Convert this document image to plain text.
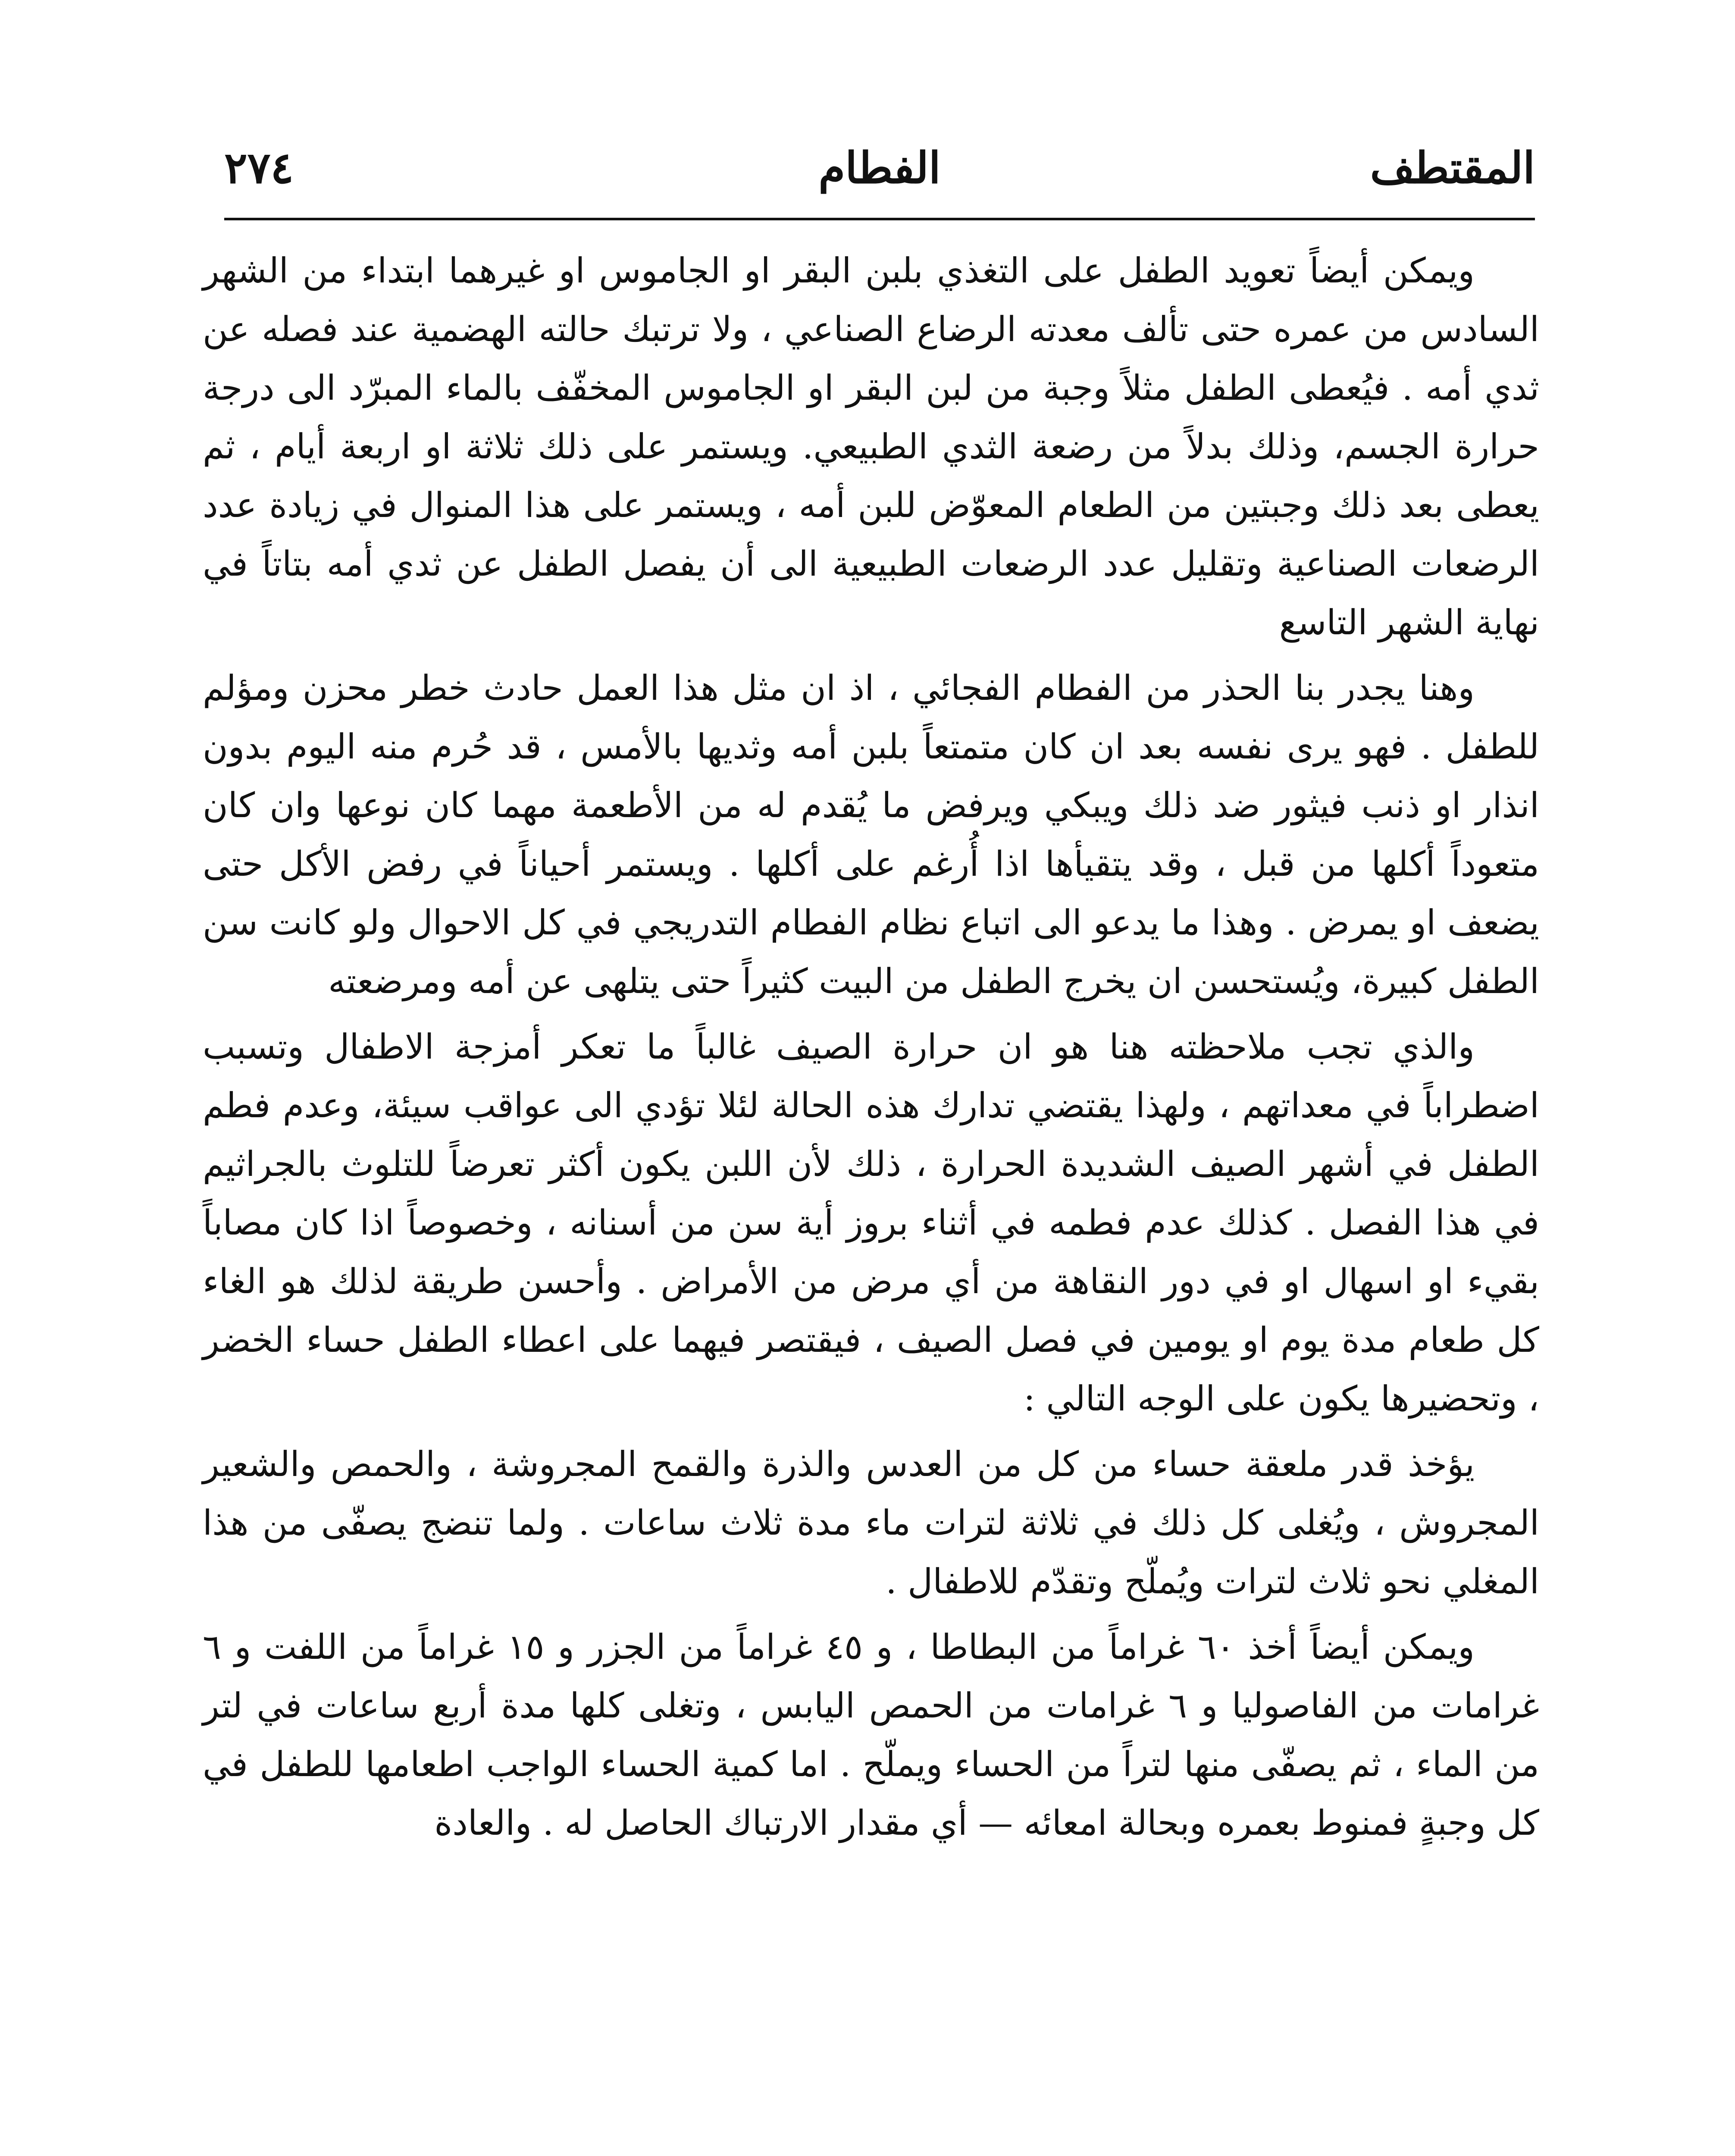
المقتطف
الفطام
٢٧٤

ويمكن أيضاً تعويد الطفل على التغذي بلبن البقر او الجاموس او غيرهما ابتداء من الشهر السادس من عمره حتى تألف معدته الرضاع الصناعي ، ولا ترتبك حالته الهضمية عند فصله عن ثدي أمه . فيُعطى الطفل مثلاً وجبة من لبن البقر او الجاموس المخفّف بالماء المبرّد الى درجة حرارة الجسم، وذلك بدلاً من رضعة الثدي الطبيعي. ويستمر على ذلك ثلاثة او اربعة أيام ، ثم يعطى بعد ذلك وجبتين من الطعام المعوّض للبن أمه ، ويستمر على هذا المنوال في زيادة عدد الرضعات الصناعية وتقليل عدد الرضعات الطبيعية الى أن يفصل الطفل عن ثدي أمه بتاتاً في نهاية الشهر التاسع

وهنا يجدر بنا الحذر من الفطام الفجائي ، اذ ان مثل هذا العمل حادث خطر محزن ومؤلم للطفل . فهو يرى نفسه بعد ان كان متمتعاً بلبن أمه وثديها بالأمس ، قد حُرم منه اليوم بدون انذار او ذنب فيثور ضد ذلك ويبكي ويرفض ما يُقدم له من الأطعمة مهما كان نوعها وان كان متعوداً أكلها من قبل ، وقد يتقيأها اذا أُرغم على أكلها . ويستمر أحياناً في رفض الأكل حتى يضعف او يمرض . وهذا ما يدعو الى اتباع نظام الفطام التدريجي في كل الاحوال ولو كانت سن الطفل كبيرة، ويُستحسن ان يخرج الطفل من البيت كثيراً حتى يتلهى عن أمه ومرضعته

والذي تجب ملاحظته هنا هو ان حرارة الصيف غالباً ما تعكر أمزجة الاطفال وتسبب اضطراباً في معداتهم ، ولهذا يقتضي تدارك هذه الحالة لئلا تؤدي الى عواقب سيئة، وعدم فطم الطفل في أشهر الصيف الشديدة الحرارة ، ذلك لأن اللبن يكون أكثر تعرضاً للتلوث بالجراثيم في هذا الفصل . كذلك عدم فطمه في أثناء بروز أية سن من أسنانه ، وخصوصاً اذا كان مصاباً بقيء او اسهال او في دور النقاهة من أي مرض من الأمراض . وأحسن طريقة لذلك هو الغاء كل طعام مدة يوم او يومين في فصل الصيف ، فيقتصر فيهما على اعطاء الطفل حساء الخضر ، وتحضيرها يكون على الوجه التالي :

يؤخذ قدر ملعقة حساء من كل من العدس والذرة والقمح المجروشة ، والحمص والشعير المجروش ، ويُغلى كل ذلك في ثلاثة لترات ماء مدة ثلاث ساعات . ولما تنضج يصفّى من هذا المغلي نحو ثلاث لترات ويُملّح وتقدّم للاطفال .

ويمكن أيضاً أخذ ٦٠ غراماً من البطاطا ، و ٤٥ غراماً من الجزر و ١٥ غراماً من اللفت و ٦ غرامات من الفاصوليا و ٦ غرامات من الحمص اليابس ، وتغلى كلها مدة أربع ساعات في لتر من الماء ، ثم يصفّى منها لتراً من الحساء ويملّح . اما كمية الحساء الواجب اطعامها للطفل في كل وجبةٍ فمنوط بعمره وبحالة امعائه — أي مقدار الارتباك الحاصل له . والعادة
